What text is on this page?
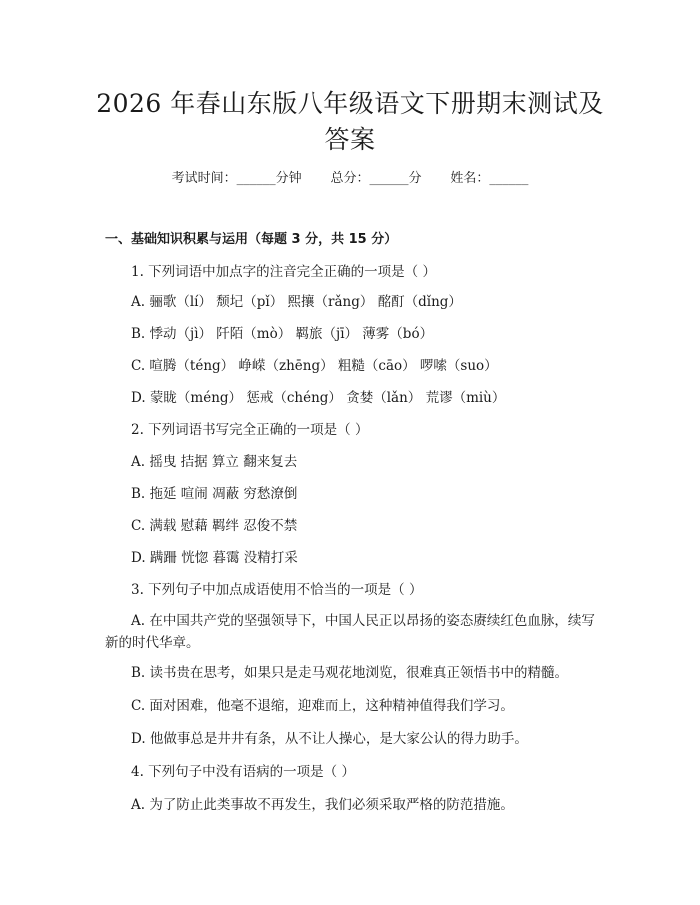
2026 年春山东版八年级语文下册期末测试及
答案
考试时间：______分钟       总分：______分       姓名：______
一、基础知识积累与运用（每题 3 分，共 15 分）
1. 下列词语中加点字的注音完全正确的一项是（ ）
A. 骊歌（lí） 颓圮（pǐ） 熙攘（rǎng） 酩酊（dǐng）
B. 悸动（jì） 阡陌（mò） 羁旅（jī） 薄雾（bó）
C. 喧腾（téng） 峥嵘（zhēng） 粗糙（cāo） 啰嗦（suo）
D. 蒙眬（méng） 惩戒（chéng） 贪婪（lǎn） 荒谬（miù）
2. 下列词语书写完全正确的一项是（ ）
A. 摇曳 拮据 算立 翻来复去
B. 拖延 喧闹 凋蔽 穷愁潦倒
C. 满载 慰藉 羁绊 忍俊不禁
D. 蹒跚 恍惚 暮霭 没精打采
3. 下列句子中加点成语使用不恰当的一项是（ ）
A. 在中国共产党的坚强领导下，中国人民正以昂扬的姿态赓续红色血脉，续写新的时代华章。
B. 读书贵在思考，如果只是走马观花地浏览，很难真正领悟书中的精髓。
C. 面对困难，他毫不退缩，迎难而上，这种精神值得我们学习。
D. 他做事总是井井有条，从不让人操心，是大家公认的得力助手。
4. 下列句子中没有语病的一项是（ ）
A. 为了防止此类事故不再发生，我们必须采取严格的防范措施。
